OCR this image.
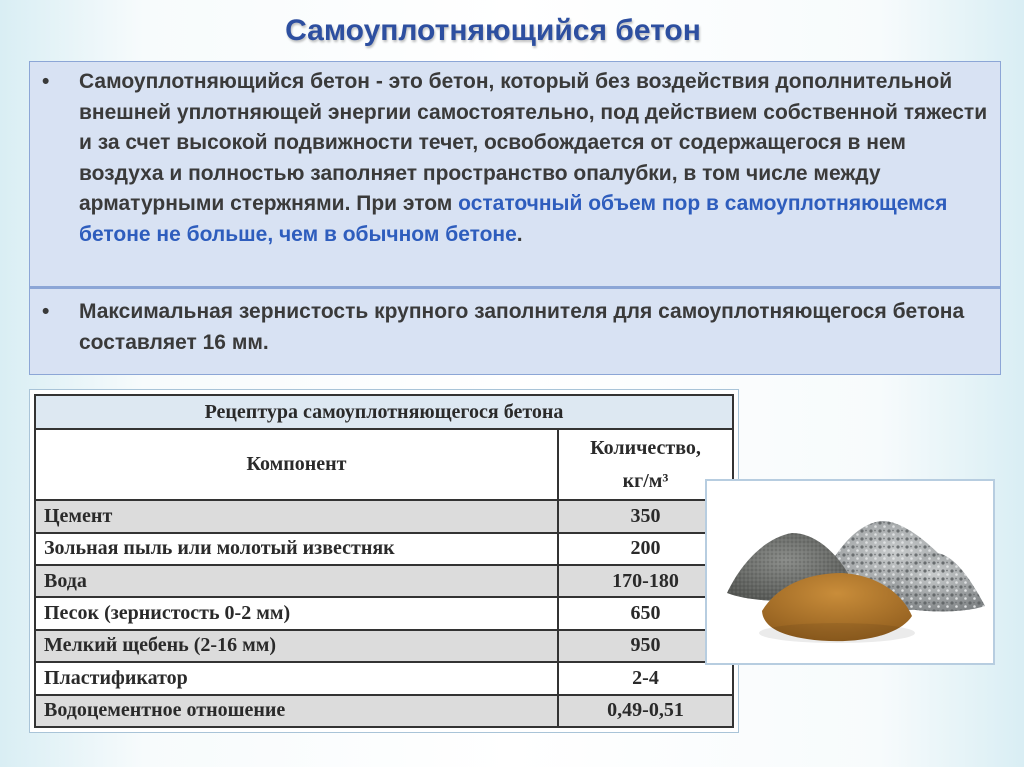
Самоуплотняющийся бетон
•	Самоуплотняющийся бетон - это бетон, который без воздействия дополнительной внешней уплотняющей энергии самостоятельно, под действием собственной тяжести и за счет высокой подвижности течет, освобождается от содержащегося в нем воздуха и полностью заполняет пространство опалубки, в том числе между арматурными стержнями. При этом остаточный объем пор в самоуплотняющемся бетоне не больше, чем в обычном бетоне.
•	Максимальная зернистость крупного заполнителя для самоуплотняющегося бетона составляет 16 мм.
Рецептура самоуплотняющегося бетона	
Компонент	Количество,
кг/м³
Цемент	350
Зольная пыль или молотый известняк	200
Вода	170-180
Песок (зернистость 0-2 мм)	650
Мелкий щебень (2-16 мм)	950
Пластификатор	2-4
Водоцементное отношение	0,49-0,51
